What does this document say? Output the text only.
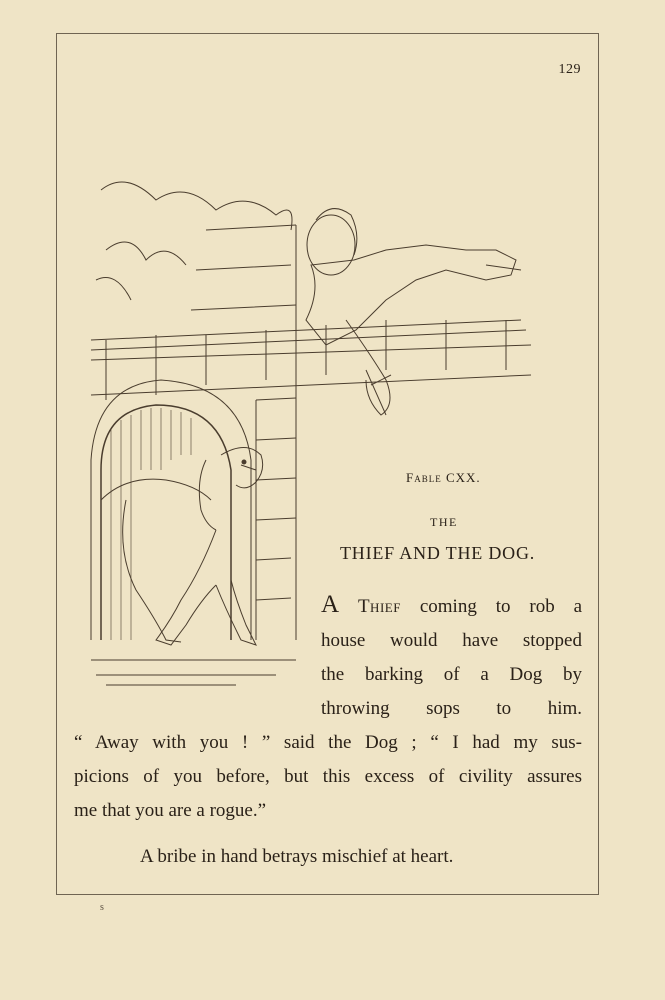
129
Fable CXX.
THE
THIEF AND THE DOG.
A Thief coming to rob a
house would have stopped
the barking of a Dog by
throwing sops to him.
“ Away with you ! ” said the Dog ; “ I had my sus-
picions of you before, but this excess of civility assures
me that you are a rogue.”
A bribe in hand betrays mischief at heart.
s
